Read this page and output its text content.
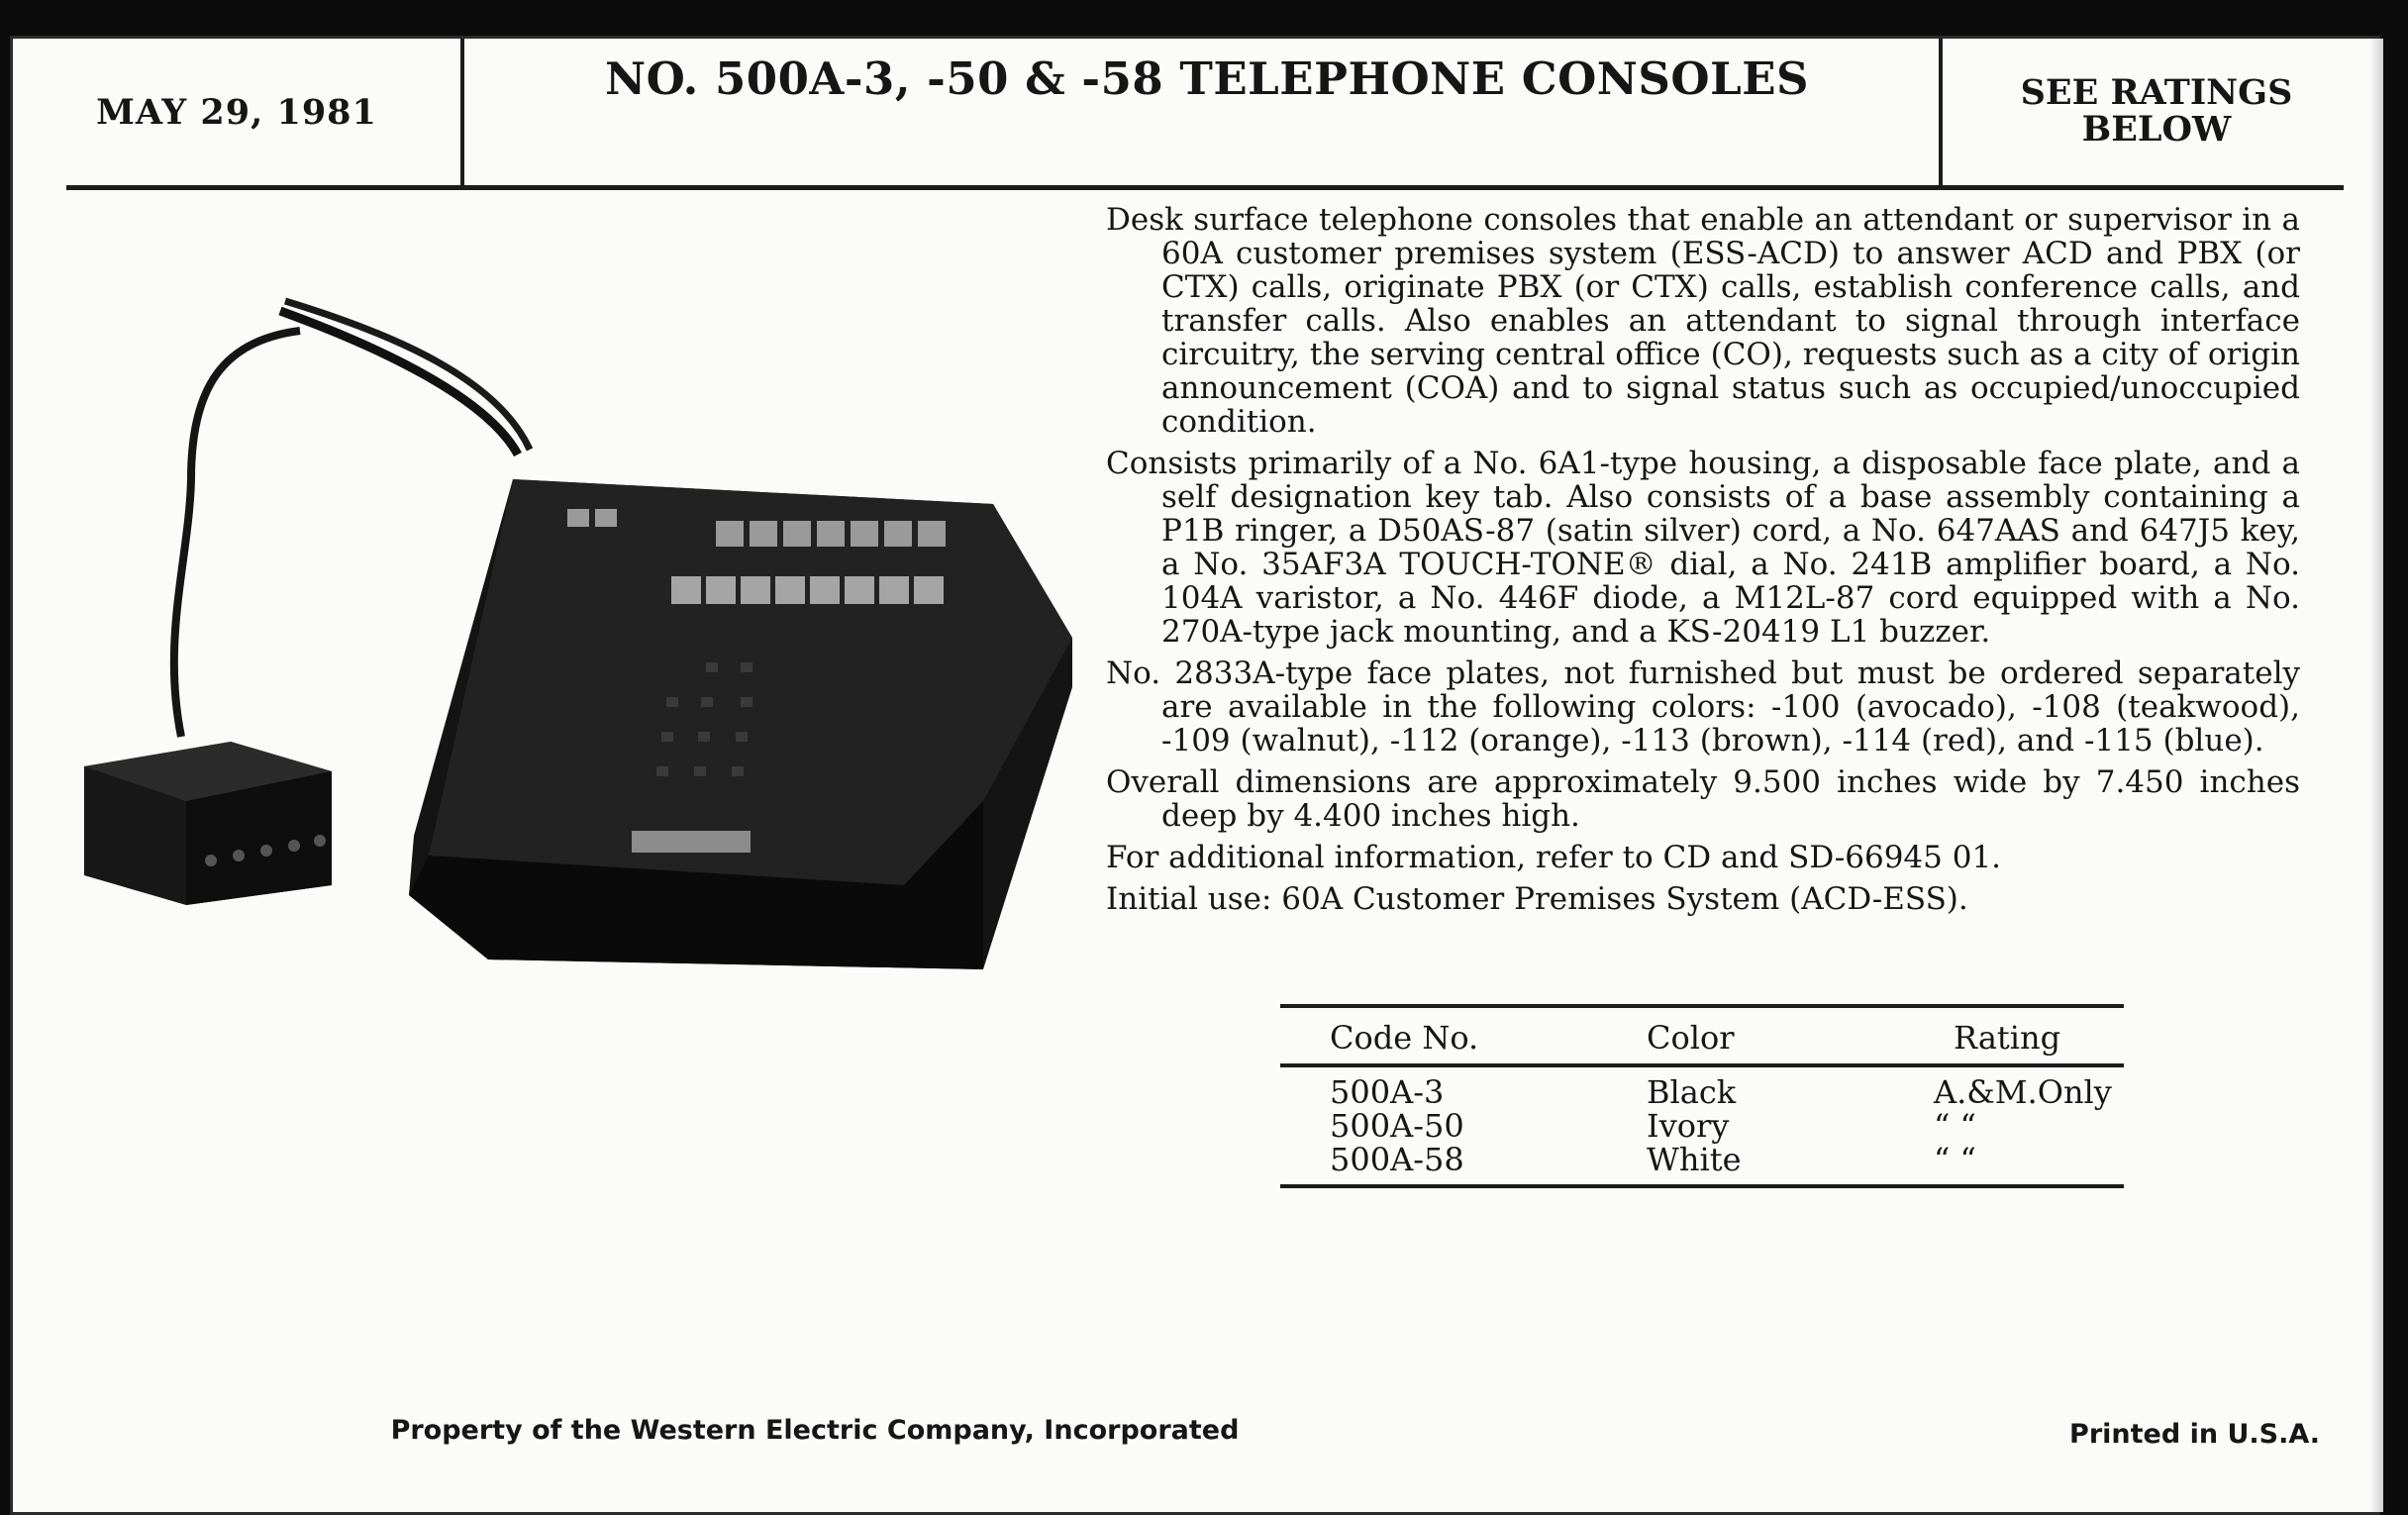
MAY 29, 1981
NO. 500A-3, -50 & -58 TELEPHONE CONSOLES	SEE RATINGS
BELOW

Desk surface telephone consoles that enable an attendant or supervisor in a 60A customer premises system (ESS-ACD) to answer ACD and PBX (or CTX) calls, originate PBX (or CTX) calls, establish conference calls, and transfer calls. Also enables an attendant to signal through interface circuitry, the serving central office (CO), requests such as a city of origin announcement (COA) and to signal status such as occupied/unoccupied condition.

Consists primarily of a No. 6A1-type housing, a disposable face plate, and a self designation key tab. Also consists of a base assembly containing a P1B ringer, a D50AS-87 (satin silver) cord, a No. 647AAS and 647J5 key, a No. 35AF3A TOUCH-TONE® dial, a No. 241B amplifier board, a No. 104A varistor, a No. 446F diode, a M12L-87 cord equipped with a No. 270A-type jack mounting, and a KS-20419 L1 buzzer.

No. 2833A-type face plates, not furnished but must be ordered separately are available in the following colors: -100 (avocado), -108 (teakwood), -109 (walnut), -112 (orange), -113 (brown), -114 (red), and -115 (blue).

Overall dimensions are approximately 9.500 inches wide by 7.450 inches deep by 4.400 inches high.

For additional information, refer to CD and SD-66945 01.

Initial use: 60A Customer Premises System (ACD-ESS).

Code No.	Color	Rating
500A-3	Black	A.&M.Only
500A-50	Ivory	“ “
500A-58	White	“ “
Property of the Western Electric Company, Incorporated	Printed in U.S.A.
